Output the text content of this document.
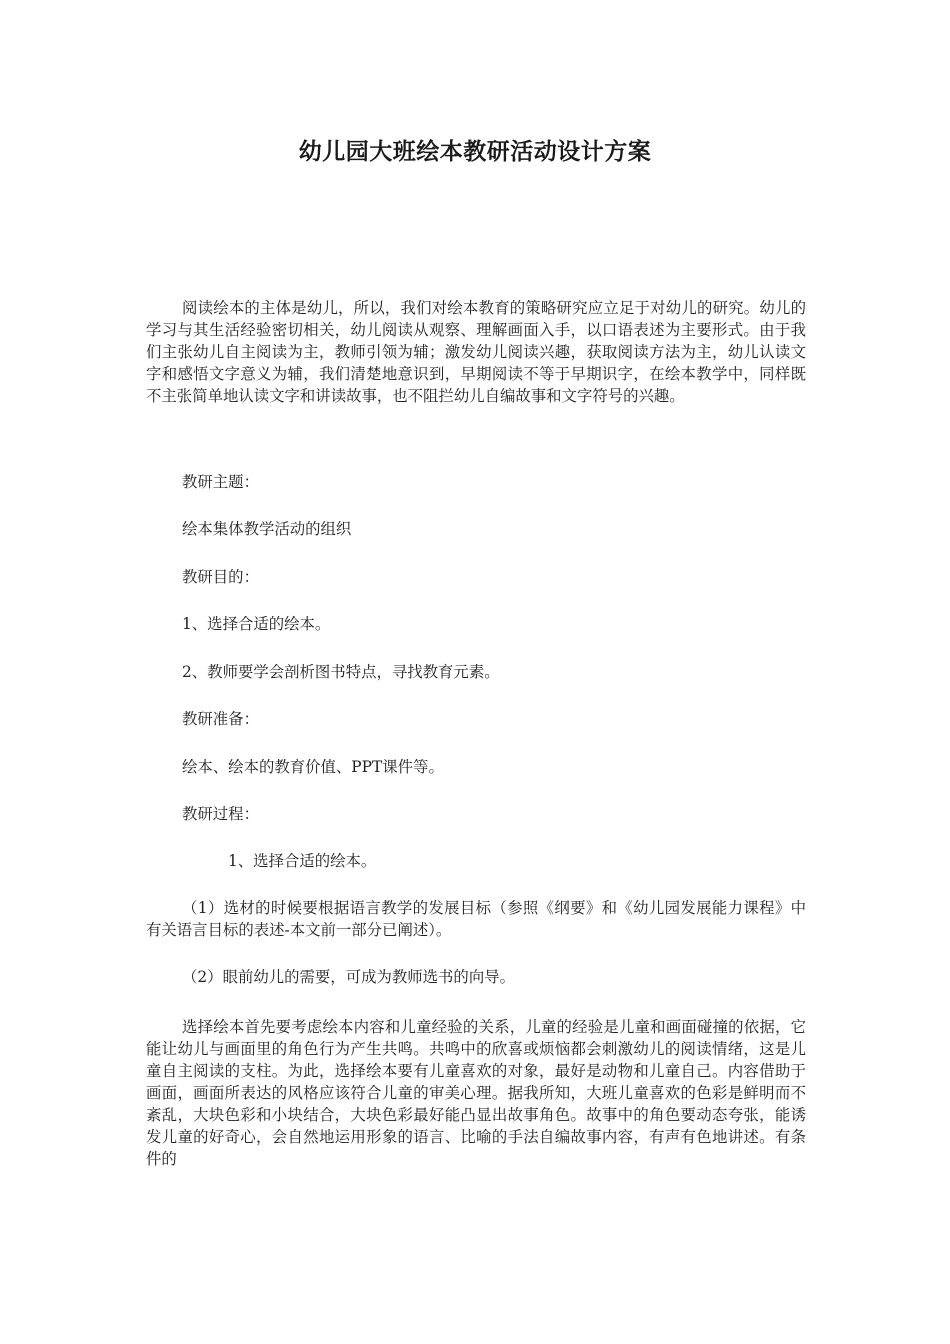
幼儿园大班绘本教研活动设计方案

阅读绘本的主体是幼儿，所以，我们对绘本教育的策略研究应立足于对幼儿的研究。幼儿的学习与其生活经验密切相关，幼儿阅读从观察、理解画面入手，以口语表述为主要形式。由于我们主张幼儿自主阅读为主，教师引领为辅；激发幼儿阅读兴趣，获取阅读方法为主，幼儿认读文字和感悟文字意义为辅，我们清楚地意识到，早期阅读不等于早期识字，在绘本教学中，同样既不主张简单地认读文字和讲读故事，也不阻拦幼儿自编故事和文字符号的兴趣。

教研主题：
绘本集体教学活动的组织
教研目的：
1、选择合适的绘本。
2、教师要学会剖析图书特点，寻找教育元素。
教研准备：
绘本、绘本的教育价值、PPT课件等。
教研过程：
1、选择合适的绘本。

（1）选材的时候要根据语言教学的发展目标（参照《纲要》和《幼儿园发展能力课程》中有关语言目标的表述-本文前一部分已阐述）。

（2）眼前幼儿的需要，可成为教师选书的向导。

选择绘本首先要考虑绘本内容和儿童经验的关系，儿童的经验是儿童和画面碰撞的依据，它能让幼儿与画面里的角色行为产生共鸣。共鸣中的欣喜或烦恼都会刺激幼儿的阅读情绪，这是儿童自主阅读的支柱。为此，选择绘本要有儿童喜欢的对象，最好是动物和儿童自己。内容借助于画面，画面所表达的风格应该符合儿童的审美心理。据我所知，大班儿童喜欢的色彩是鲜明而不紊乱，大块色彩和小块结合，大块色彩最好能凸显出故事角色。故事中的角色要动态夸张，能诱发儿童的好奇心，会自然地运用形象的语言、比喻的手法自编故事内容，有声有色地讲述。有条件的
